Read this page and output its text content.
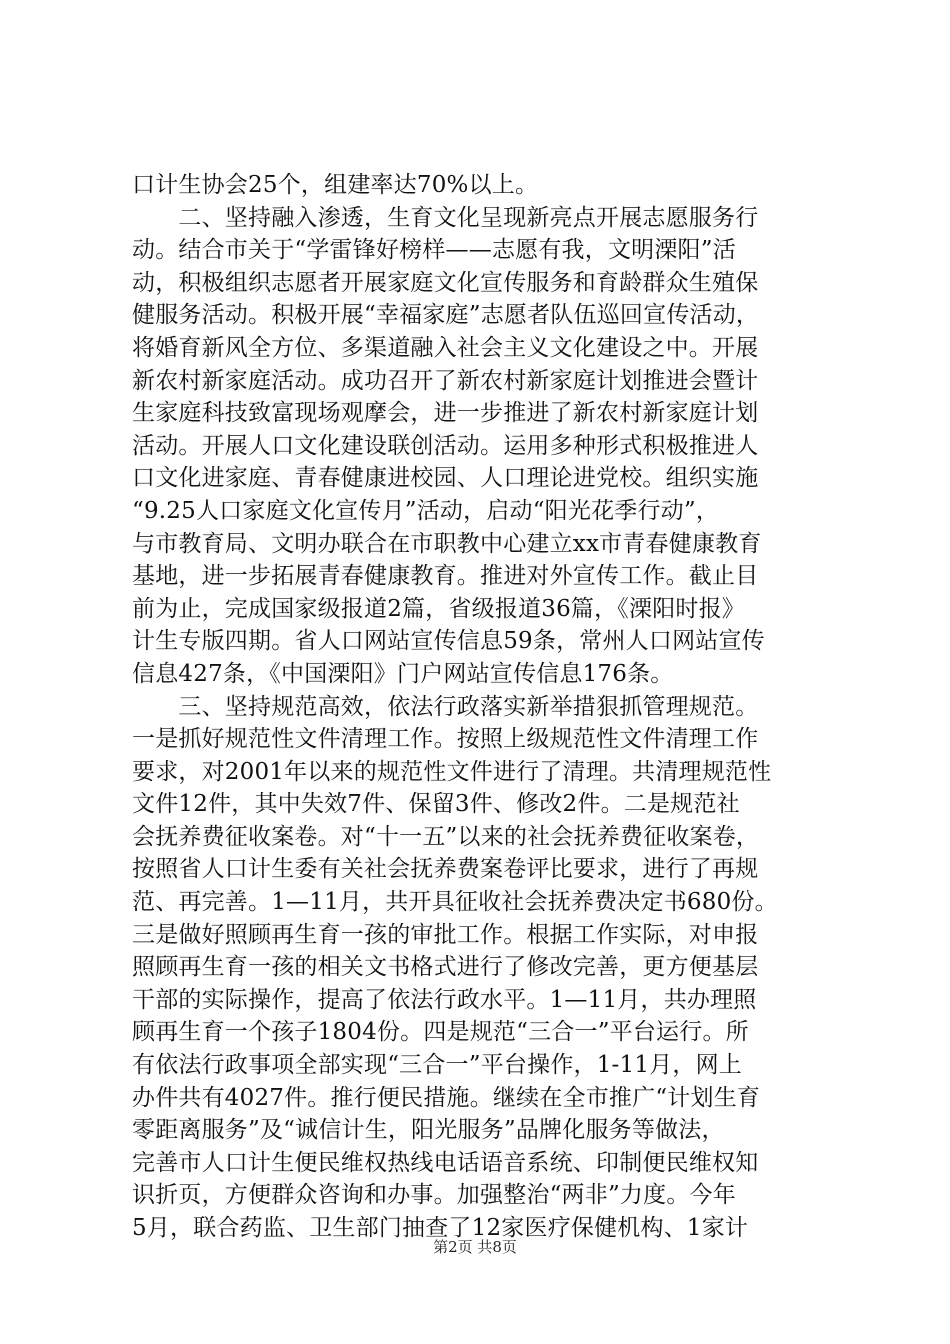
口计生协会25个，组建率达70%以上。
　　二、坚持融入渗透，生育文化呈现新亮点开展志愿服务行
动。结合市关于“学雷锋好榜样——志愿有我，文明溧阳”活
动，积极组织志愿者开展家庭文化宣传服务和育龄群众生殖保
健服务活动。积极开展“幸福家庭”志愿者队伍巡回宣传活动，
将婚育新风全方位、多渠道融入社会主义文化建设之中。开展
新农村新家庭活动。成功召开了新农村新家庭计划推进会暨计
生家庭科技致富现场观摩会，进一步推进了新农村新家庭计划
活动。开展人口文化建设联创活动。运用多种形式积极推进人
口文化进家庭、青春健康进校园、人口理论进党校。组织实施
“9.25人口家庭文化宣传月”活动，启动“阳光花季行动”，
与市教育局、文明办联合在市职教中心建立xx市青春健康教育
基地，进一步拓展青春健康教育。推进对外宣传工作。截止目
前为止，完成国家级报道2篇，省级报道36篇，《溧阳时报》
计生专版四期。省人口网站宣传信息59条，常州人口网站宣传
信息427条，《中国溧阳》门户网站宣传信息176条。
　　三、坚持规范高效，依法行政落实新举措狠抓管理规范。
一是抓好规范性文件清理工作。按照上级规范性文件清理工作
要求，对2001年以来的规范性文件进行了清理。共清理规范性
文件12件，其中失效7件、保留3件、修改2件。二是规范社
会抚养费征收案卷。对“十一五”以来的社会抚养费征收案卷，
按照省人口计生委有关社会抚养费案卷评比要求，进行了再规
范、再完善。1—11月，共开具征收社会抚养费决定书680份。
三是做好照顾再生育一孩的审批工作。根据工作实际，对申报
照顾再生育一孩的相关文书格式进行了修改完善，更方便基层
干部的实际操作，提高了依法行政水平。1—11月，共办理照
顾再生育一个孩子1804份。四是规范“三合一”平台运行。所
有依法行政事项全部实现“三合一”平台操作，1-11月，网上
办件共有4027件。推行便民措施。继续在全市推广“计划生育
零距离服务”及“诚信计生，阳光服务”品牌化服务等做法，
完善市人口计生便民维权热线电话语音系统、印制便民维权知
识折页，方便群众咨询和办事。加强整治“两非”力度。今年
5月，联合药监、卫生部门抽查了12家医疗保健机构、1家计
第2页 共8页
